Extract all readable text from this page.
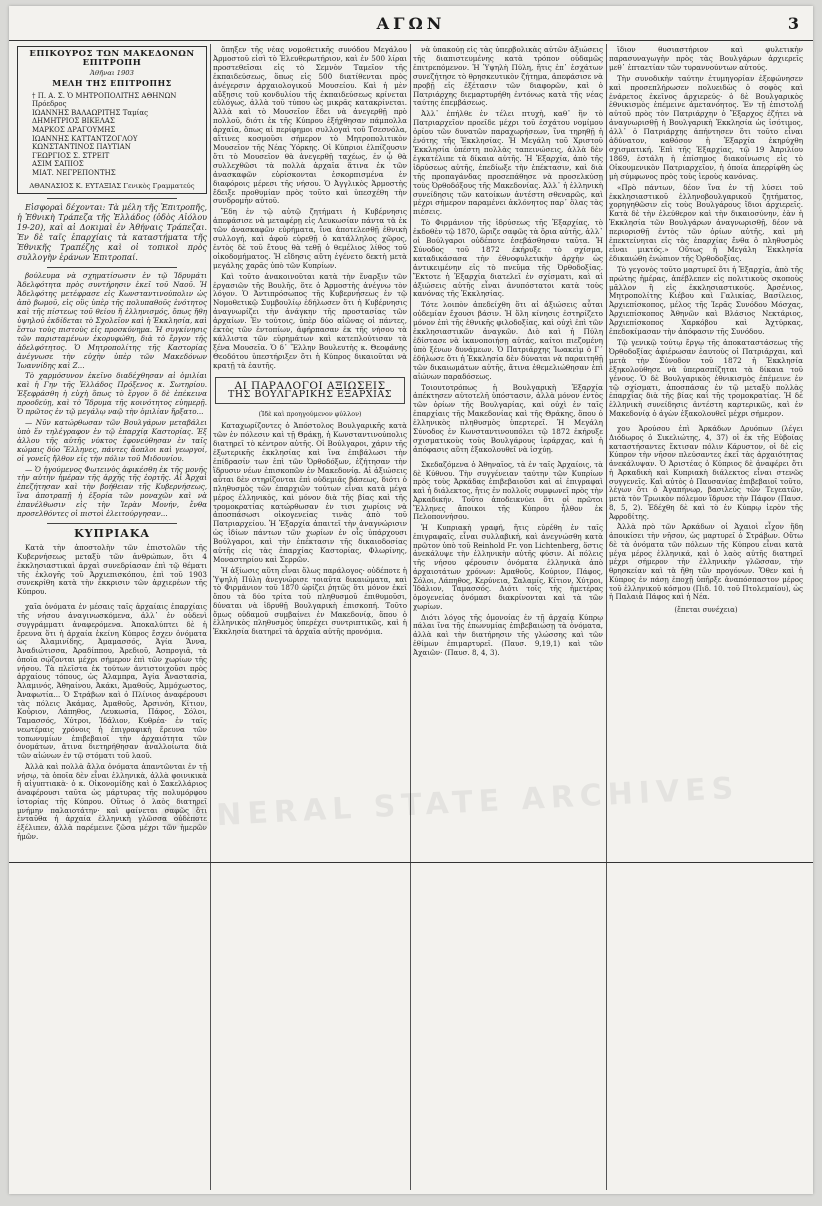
ΑΓΩΝ	3
ΕΠΙΚΟΥΡΟΣ ΤΩΝ ΜΑΚΕΔΟΝΩΝ ΕΠΙΤΡΟΠΗ
Ἀθῆναι 1903
ΜΕΛΗ ΤΗΣ ΕΠΙΤΡΟΠΗΣ
† Π. Α. Σ. Ὁ ΜΗΤΡΟΠΟΛΙΤΗΣ ΑΘΗΝΩΝ Πρόεδρος
ΙΩΑΝΝΗΣ ΒΑΛΑΩΡΙΤΗΣ Ταμίας
ΔΗΜΗΤΡΙΟΣ ΒΙΚΕΛΑΣ
ΜΑΡΚΟΣ ΔΡΑΓΟΥΜΗΣ
ΙΩΑΝΝΗΣ ΚΑΤΤΑΝΤΖΟΓΛΟΥ
ΚΩΝΣΤΑΝΤΙΝΟΣ ΠΑΥΤΙΑΝ
ΓΕΩΡΓΙΟΣ Σ. ΣΤΡΕΙΤ
ΑΣΙΜ ΣΑΠΙΟΣ
ΜΙΑΤ. ΝΕΓΡΕΠΟΝΤΗΣ
ΑΘΑΝΑΣΙΟΣ Κ. ΕΥΤΑΞΙΑΣ Γενικὸς Γραμματεύς

Εἰσφοραὶ δέχονται: Τὰ μέλη τῆς Ἐπιτροπῆς, ἡ Ἐθνικὴ Τράπεζα τῆς Ἑλλάδος (ὁδὸς Αἰόλου 19-20), καὶ αἱ Δοκιμαὶ ἐν Ἀθήναις Τράπεζαι. Ἐν δὲ ταῖς ἐπαρχίαις τὰ καταστήματα τῆς Ἐθνικῆς Τραπέζης καὶ οἱ τοπικοὶ πρὸς συλλογὴν ἐράνων Ἐπιτροπαί.

βούλευμα νὰ σχηματίσωσιν ἐν τῷ Ἰδρυμάτι Ἀδελφότητα πρὸς συντήρησιν ἐκεῖ τοῦ Ναοῦ. Ἡ Ἀδελφότης μετέφρασε εἰς Κωνσταντινούπολιν ὡς ἀπὸ βωμοῦ, εἰς οὓς ὑπὲρ τῆς πολυπαθοῦς ἑνότητος καὶ τῆς πίστεως τοῦ θείου ἤ ἑλληνισμός, ὅπως ἤθη ὑψηλοῦ ἐκδίδεται τὸ Σχολεῖον καὶ ἡ Ἐκκλησία, καὶ ἔστω τοὺς πιστοὺς εἰς προσκύνημα. Ἡ συγκίνησις τῶν παρισταμένων ἐκορυφώθη, διὰ τὸ ἔργον τῆς ἀδελφότητος. Ὁ Μητροπολίτης τῆς Καστορίας ἀνέγνωσε τὴν εὐχὴν ὑπὲρ τῶν Μακεδόνων Ἰωαννίδης καὶ Ζ...

Τὸ χαρμόσυνον ἐκεῖνο διαδέχθησαν αἱ ὁμιλίαι καὶ ἡ Γην τῆς Ἑλλάδος Πρόξενος κ. Σωτηρίου. Ἐξεφράσθη ἡ εὐχὴ ὅπως τὸ ἔργον ὅ δὲ ἐπέκεινα προοδεύῃ, καὶ τὸ Ἴδρυμα τῆς κοινότητος εὐημερῇ. Ὁ πρῶτος ἐν τῷ μεγάλῳ ναῷ τὴν ὁμιλίαν ἤρξατο...

— Νῦν κατώρθωσαν τῶν Βουλγάρων μεταβάλει ὑπὸ ἕν τηλέγραφον ἐν τῷ ἐπαρχίᾳ Καστορίας. Ἐξ ἀλλου τῆς αὐτῆς νύκτος ἐφονεύθησαν ἐν ταῖς κώμαις δύο Ἕλληνες, πάντες ἄοπλοι καὶ γεωργοί, οἱ γονεῖς ἤλθον εἰς τὴν πόλιν τοῦ Μιδουνίου.

— Ὁ ἡγούμενος Φωτεινὸς ἀφικέσθη ἐκ τῆς μονῆς τὴν αὐτὴν ἡμέραν τῆς ἀρχῆς τῆς ἑορτῆς. Αἱ Ἀρχαὶ ἐπεζήτησαν καὶ τὴν βοήθειαν τῆς Κυβερνήσεως, ἵνα ἀποτραπῇ ἡ ἐξορία τῶν μοναχῶν καὶ νὰ ἐπανέλθωσιν εἰς τὴν Ἱερὰν Μονήν, ἔνθα προσελθόντες οἱ πιστοὶ ἐλειτούργησαν...

ΚΥΠΡΙΑΚΑ

Κατὰ τὴν ἀποστολὴν τῶν ἐπιστολῶν τῆς Κυβερνήσεως μεταξὺ τῶν ἀνθρώπων, ὅτι 4 ἐκκλησιαστικαὶ ἀρχαὶ συνεδρίασαν ἐπὶ τῷ θέματι τῆς ἐκλογῆς τοῦ Ἀρχιεπισκόπου, ἐπὶ τοῦ 1903 συνεκρίθη κατὰ τὴν ἐκκρισιν τῶν ἀρχιερέων τῆς Κύπρου.

χαῖα ὀνόματα ἐν μέσαις ταῖς ἀρχαίαις ἐπαρχίαις τῆς νήσου ἀναγινωσκόμενα, ἀλλ᾽ ἐν οὐδενὶ συγγράμματι ἀναφερόμενα. Ἀποκαλύπτει δὲ ἡ ἔρευνα ὅτι ἡ ἀρχαία ἐκείνη Κύπρος ἔσχεν ὀνόματα ὡς Ἀλαμινίδης, Ἀμαμασσός, Ἀγία Ἄννα, Ἀναδιώτισσα, Ἀραδίππου, Ἀρεδιοῦ, Ἀσπρογιᾶ, τὰ ὁποῖα σῴζονται μέχρι σήμερον ἐπὶ τῶν χωρίων τῆς νήσου. Τὰ πλεῖστα ἐκ τούτων ἀντιστοιχοῦσι πρὸς ἀρχαίους τόπους, ὡς Ἀλαμπρα, Ἀγία Ἀναστασία, Ἀλαμινός, Ἀθηαίνου, Ἀκάκι, Ἀμαθοῦς, Ἀμμόχωστος, Ἀναφωτία... Ὁ Στράβων καὶ ὁ Πλίνιος ἀναφέρουσι τὰς πόλεις Ἀκάμας, Ἀμαθοῦς, Ἀρσινόη, Κίτιον, Κούριον, Λάπηθος, Λευκωσία, Πάφος, Σόλοι, Ταμασσός, Χύτροι, Ἰδάλιον, Κυθρέα· ἐν ταῖς νεωτέραις χρόνοις ἡ ἐπιγραφικὴ ἔρευνα τῶν τοπωνυμίων ἐπιβεβαιοῖ τὴν ἀρχαιότητα τῶν ὀνομάτων, ἅτινα διετηρήθησαν ἀναλλοίωτα διὰ τῶν αἰώνων ἐν τῷ στόματι τοῦ λαοῦ.

Ἀλλὰ καὶ πολλὰ ἄλλα ὀνόματα ἀπαντῶνται ἐν τῇ νήσῳ, τὰ ὁποῖα δὲν εἶναι ἑλληνικὰ, ἀλλὰ φοινικικὰ ἢ αἰγυπτιακὰ· ὁ κ. Οἰκονομίδης καὶ ὁ Σακελλάριος ἀναφέρουσι ταῦτα ὡς μάρτυρας τῆς πολυμόρφου ἱστορίας τῆς Κύπρου. Οὕτως ὁ λαὸς διατηρεῖ μνήμην παλαιοτάτην· καὶ φαίνεται σαφῶς ὅτι ἐνταῦθα ἡ ἀρχαία ἑλληνικὴ γλῶσσα οὐδέποτε ἐξέλιπεν, ἀλλὰ παρέμεινε ζῶσα μέχρι τῶν ἡμερῶν ἡμῶν.

ὅπηξεν τῆς νέας νομοθετικῆς συνόδου Μεγάλου Ἀρμοστοῦ εἰσὶ τὸ Ἐλευθερωτήριον, καὶ ἐν 500 λίραι προστεθεῖσαι εἰς τὸ Σεμνὸν Ταμεῖον τῆς ἐκπαιδεύσεως, ὅπως εἰς 500 διατίθενται πρὸς ἀνέγερσιν ἀρχαιολογικοῦ Μουσείου. Καὶ ἡ μὲν αὔξησις τοῦ κονδυλίου τῆς ἐκπαιδεύσεως κρίνεται εὐλόγως, ἀλλὰ τοῦ τύπου ὡς μικρᾶς κατακρίνεται. Ἀλλὰ καὶ τὸ Μουσεῖον ἔδει νὰ ἀνεγερθῇ πρὸ πολλοῦ, διότι ἐκ τῆς Κύπρου ἐξήχθησαν πάμπολλα ἀρχαῖα, ὅπως αἱ περίφημοι συλλογαὶ τοῦ Τσεσνόλα, αἵτινες κοσμοῦσι σήμερον τὸ Μητροπολιτικὸν Μουσεῖον τῆς Νέας Ὑόρκης. Οἱ Κύπριοι ἐλπίζουσιν ὅτι τὸ Μουσεῖον θὰ ἀνεγερθῇ ταχέως, ἐν ᾧ θὰ συλλεχθῶσι τὰ πολλὰ ἀρχαῖα ἅτινα ἐκ τῶν ἀνασκαφῶν εὑρίσκονται ἐσκορπισμένα ἐν διαφόροις μέρεσι τῆς νήσου. Ὁ Ἀγγλικὸς Ἀρμοστὴς ἔδειξε προθυμίαν πρὸς τοῦτο καὶ ὑπεσχέθη τὴν συνδρομὴν αὐτοῦ.

Ἔδη ἐν τῷ αὐτῷ ζητήματι ἡ Κυβέρνησις ἀπεφάσισε νὰ μεταφέρῃ εἰς Λευκωσίαν πάντα τὰ ἐκ τῶν ἀνασκαφῶν εὑρήματα, ἵνα ἀποτελεσθῇ ἐθνικὴ συλλογή, καὶ ἀφοῦ εὑρεθῇ ὁ κατάλληλος χῶρος, ἐντὸς δὲ τοῦ ἔτους θὰ τεθῇ ὁ θεμέλιος λίθος τοῦ οἰκοδομήματος. Ἡ εἴδησις αὕτη ἐγένετο δεκτὴ μετὰ μεγάλης χαρᾶς ὑπὸ τῶν Κυπρίων.

Καὶ τοῦτο ἀνακοινοῦται κατὰ τὴν ἔναρξιν τῶν ἐργασιῶν τῆς Βουλῆς, ὅτε ὁ Ἀρμοστὴς ἀνέγνω τὸν λόγον. Ὁ Ἀντιπρόσωπος τῆς Κυβερνήσεως ἐν τῷ Νομοθετικῷ Συμβουλίῳ ἐδήλωσεν ὅτι ἡ Κυβέρνησις ἀναγνωρίζει τὴν ἀνάγκην τῆς προστασίας τῶν ἀρχαίων. Ἐν τούτοις, ὑπὲρ δύο αἰῶνας οἱ πάντες, ἐκτὸς τῶν ἐντοπίων, ἀφήρπασαν ἐκ τῆς νήσου τὰ κάλλιστα τῶν εὑρημάτων καὶ κατεπλούτισαν τὰ ξένα Μουσεῖα. Ὁ δ᾽ Ἕλλην Βουλευτὴς κ. Θεοφάνης Θεοδότου ὑπεστήριξεν ὅτι ἡ Κύπρος δικαιοῦται νὰ κρατῇ τὰ ἑαυτῆς.

ΑΙ ΠΑΡΑΛΟΓΟΙ ΑΞΙΩΣΕΙΣ
ΤΗΣ ΒΟΥΛΓΑΡΙΚΗΣ ΕΞΑΡΧΙΑΣ
(Ἰδὲ καὶ προηγούμενον φύλλον)

Καταχωρίζοντες ὁ Ἀπόστολος Βουλγαρικῆς κατὰ τῶν ἐν πόλεσιν καὶ τῇ Θράκῃ, ἡ Κωνσταντινούπολις διατηρεῖ τὸ κέντρον αὐτῆς. Οἱ Βούλγαροι, χάριν τῆς ἐξωτερικῆς ἐκκλησίας καὶ ἵνα ἐπιβάλωσι τὴν ἐπίδρασίν των ἐπὶ τῶν Ὀρθοδόξων, ἐζήτησαν τὴν ἵδρυσιν νέων ἐπισκοπῶν ἐν Μακεδονίᾳ. Αἱ ἀξιώσεις αὗται δὲν στηρίζονται ἐπὶ οὐδεμιᾶς βάσεως, διότι ὁ πληθυσμὸς τῶν ἐπαρχιῶν τούτων εἶναι κατὰ μέγα μέρος ἑλληνικὸς, καὶ μόνον διὰ τῆς βίας καὶ τῆς τρομοκρατίας κατώρθωσαν ἐν τισι χωρίοις νὰ ἀποσπάσωσι οἰκογενείας τινὰς ἀπὸ τοῦ Πατριαρχείου. Ἡ Ἐξαρχία ἀπαιτεῖ τὴν ἀναγνώρισιν ὡς ἰδίων πάντων τῶν χωρίων ἐν οἷς ὑπάρχουσι Βούλγαροι, καὶ τὴν ἐπέκτασιν τῆς δικαιοδοσίας αὐτῆς εἰς τὰς ἐπαρχίας Καστορίας, Φλωρίνης, Μοναστηρίου καὶ Σερρῶν.

Ἡ ἀξίωσις αὕτη εἶναι ὅλως παράλογος· οὐδέποτε ἡ Ὑψηλὴ Πύλη ἀνεγνώρισε τοιαῦτα δικαιώματα, καὶ τὸ Φιρμάνιον τοῦ 1870 ὡρίζει ῥητῶς ὅτι μόνον ἐκεῖ ὅπου τὰ δύο τρίτα τοῦ πληθυσμοῦ ἐπιθυμοῦσι, δύναται νὰ ἱδρυθῇ Βουλγαρικὴ ἐπισκοπή. Τοῦτο ὅμως οὐδαμοῦ συμβαίνει ἐν Μακεδονίᾳ, ὅπου ὁ ἑλληνικὸς πληθυσμὸς ὑπερέχει συντριπτικῶς, καὶ ἡ Ἐκκλησία διατηρεῖ τὰ ἀρχαῖα αὐτῆς προνόμια.

νὰ ὑπακούῃ εἰς τὰς ὑπερβολικὰς αὐτῶν ἀξιώσεις τῆς διαπιστευμένης κατὰ τρόπον οὐδαμῶς ἐπιτρεπόμενον. Ἡ Ὑψηλὴ Πύλη, ἥτις ἐπ᾽ ἐσχάτων συνεζήτησε τὸ θρησκευτικὸν ζήτημα, ἀπεφάσισε νὰ προβῇ εἰς ἐξέτασιν τῶν διαφορῶν, καὶ ὁ Πατριάρχης διεμαρτυρήθη ἐντόνως κατὰ τῆς νέας ταύτης ἐπεμβάσεως.

Ἀλλ᾽ ἐπήλθε ἐν τέλει πτυχὴ, καθ᾽ ἣν τὸ Πατριαρχεῖον προεῖδε μέχρι τοῦ ἐσχάτου νομίμου ὁρίου τῶν δυνατῶν παραχωρήσεων, ἵνα τηρηθῇ ἡ ἑνότης τῆς Ἐκκλησίας. Ἡ Μεγάλη τοῦ Χριστοῦ Ἐκκλησία ὑπέστη πολλὰς ταπεινώσεις, ἀλλὰ δὲν ἐγκατέλιπε τὰ δίκαια αὐτῆς. Ἡ Ἐξαρχία, ἀπὸ τῆς ἱδρύσεως αὐτῆς, ἐπεδίωξε τὴν ἐπέκτασιν, καὶ διὰ τῆς προπαγάνδας προσεπάθησε νὰ προσελκύσῃ τοὺς Ὀρθοδόξους τῆς Μακεδονίας. Ἀλλ᾽ ἡ ἑλληνικὴ συνείδησις τῶν κατοίκων ἀντέστη σθεναρῶς, καὶ μέχρι σήμερον παραμένει ἀκλόνητος παρ᾽ ὅλας τὰς πιέσεις.

Τὸ Φιρμάνιον τῆς ἱδρύσεως τῆς Ἐξαρχίας, τὸ ἐκδοθὲν τῷ 1870, ὥριζε σαφῶς τὰ ὅρια αὐτῆς, ἀλλ᾽ οἱ Βούλγαροι οὐδέποτε ἐσεβάσθησαν ταῦτα. Ἡ Σύνοδος τοῦ 1872 ἐκήρυξε τὸ σχίσμα, καταδικάσασα τὴν ἐθνοφυλετικὴν ἀρχὴν ὡς ἀντικειμένην εἰς τὸ πνεῦμα τῆς Ὀρθοδοξίας. Ἔκτοτε ἡ Ἐξαρχία διατελεῖ ἐν σχίσματι, καὶ αἱ ἀξιώσεις αὐτῆς εἶναι ἀνυπόστατοι κατὰ τοὺς κανόνας τῆς Ἐκκλησίας.

Τότε λοιπὸν ἀπεδείχθη ὅτι αἱ ἀξιώσεις αὗται οὐδεμίαν ἔχουσι βάσιν. Ἡ ὅλη κίνησις ἐστηρίζετο μόνον ἐπὶ τῆς ἐθνικῆς φιλοδοξίας, καὶ οὐχὶ ἐπὶ τῶν ἐκκλησιαστικῶν ἀναγκῶν. Διὸ καὶ ἡ Πύλη ἐδίστασε νὰ ἱκανοποιήσῃ αὐτάς, καίτοι πιεζομένη ὑπὸ ξένων δυνάμεων. Ὁ Πατριάρχης Ἰωακεὶμ ὁ Γ΄ ἐδήλωσε ὅτι ἡ Ἐκκλησία δὲν δύναται νὰ παραιτηθῇ τῶν δικαιωμάτων αὐτῆς, ἅτινα ἐθεμελιώθησαν ἐπὶ αἰώνων παραδόσεως.

Τοιουτοτρόπως ἡ Βουλγαρικὴ Ἐξαρχία ἀπέκτησεν αὐτοτελῆ ὑπόστασιν, ἀλλὰ μόνον ἐντὸς τῶν ὁρίων τῆς Βουλγαρίας, καὶ οὐχὶ ἐν ταῖς ἐπαρχίαις τῆς Μακεδονίας καὶ τῆς Θράκης, ὅπου ὁ ἑλληνικὸς πληθυσμὸς ὑπερτερεῖ. Ἡ Μεγάλη Σύνοδος ἐν Κωνσταντινουπόλει τῷ 1872 ἐκήρυξε σχισματικοὺς τοὺς Βουλγάρους ἱεράρχας, καὶ ἡ ἀπόφασις αὕτη ἐξακολουθεῖ νὰ ἰσχύῃ.

Σκεδαζόμενα ὁ Ἀθηναῖος, τὰ ἐν ταῖς Ἀρχαίοις, τὰ δὲ Κύθνου. Τὴν συγγένειαν ταύτην τῶν Κυπρίων πρὸς τοὺς Ἀρκάδας ἐπιβεβαιοῦσι καὶ αἱ ἐπιγραφαὶ καὶ ἡ διάλεκτος, ἥτις ἐν πολλοῖς συμφωνεῖ πρὸς τὴν Ἀρκαδικήν. Τοῦτο ἀποδεικνύει ὅτι οἱ πρῶτοι Ἕλληνες ἄποικοι τῆς Κύπρου ἦλθον ἐκ Πελοποννήσου.

Ἡ Κυπριακὴ γραφή, ἥτις εὑρέθη ἐν ταῖς ἐπιγραφαῖς, εἶναι συλλαβική, καὶ ἀνεγνώσθη κατὰ πρῶτον ὑπὸ τοῦ Reinhold Fr. von Lichtenberg, ὅστις ἀνεκάλυψε τὴν ἑλληνικὴν αὐτῆς φύσιν. Αἱ πόλεις τῆς νήσου φέρουσιν ὀνόματα ἑλληνικὰ ἀπὸ ἀρχαιοτάτων χρόνων: Ἀμαθοῦς, Κούριον, Πάφος, Σόλοι, Λάπηθος, Κερύνεια, Σαλαμίς, Κίτιον, Χύτροι, Ἰδάλιον, Ταμασσός. Διότι τοῖς τῆς ἡμετέρας ὁμογενείας ὀνόμασι διακρίνονται καὶ τὰ τῶν χωρίων.

Διότι λόγος τῆς ὁμονοίας ἐν τῇ ἀρχαίᾳ Κύπρῳ πάλαι ἵνα τῆς ἐπωνυμίας ἐπιβεβαιώσῃ τὰ ὀνόματα, ἀλλὰ καὶ τὴν διατήρησιν τῆς γλώσσης καὶ τῶν ἐθίμων ἐπιμαρτυρεῖ. (Παυσ. 9,19,1) καὶ τῶν Ἀχαιῶν· (Παυσ. 8, 4, 3).

ἴδιον θυσιαστήριον καὶ φυλετικὴν παρασυναγωγὴν πρὸς τὰς Βουλγάρων ἀρχιερεῖς μεθ᾽ ἑπταετίαν τῶν τυραννούντων αὐτούς.

Τὴν συνοδικὴν ταύτην ἐτυμηγορίαν ἐξεφώνησεν καὶ προσεπλήρωσεν πολυειδὼς ὁ σοφὸς καὶ ἐνάρετος ἐκεῖνος ἀρχιερεύς· ὁ δὲ Βουλγαρικὸς ἐθνικισμὸς ἐπέμεινε ἀμετανόητος. Ἐν τῇ ἐπιστολῇ αὐτοῦ πρὸς τὸν Πατριάρχην ὁ Ἔξαρχος ἐζήτει νὰ ἀναγνωρισθῇ ἡ Βουλγαρικὴ Ἐκκλησία ὡς ἰσότιμος, ἀλλ᾽ ὁ Πατριάρχης ἀπήντησεν ὅτι τοῦτο εἶναι ἀδύνατον, καθόσον ἡ Ἐξαρχία ἐκηρύχθη σχισματική. Ἐπὶ τῆς Ἐξαρχίας, τῷ 19 Ἀπριλίου 1869, ἐστάλη ἡ ἐπίσημος διακοίνωσις εἰς τὸ Οἰκουμενικὸν Πατριαρχεῖον, ἡ ὁποία ἀπερρίφθη ὡς μὴ σύμφωνος πρὸς τοὺς ἱεροὺς κανόνας.

«Πρὸ πάντων, δέον ἵνα ἐν τῇ λύσει τοῦ ἐκκλησιαστικοῦ ἑλληνοβουλγαρικοῦ ζητήματος, χορηγηθῶσιν εἰς τοὺς Βουλγάρους ἴδιοι ἀρχιερεῖς. Κατὰ δὲ τὴν ἐλεύθερον καὶ τὴν δικαιοσύνην, ἐὰν ἡ Ἐκκλησία τῶν Βουλγάρων ἀναγνωρισθῇ, δέον νὰ περιορισθῇ ἐντὸς τῶν ὁρίων αὐτῆς, καὶ μὴ ἐπεκτείνηται εἰς τὰς ἐπαρχίας ἔνθα ὁ πληθυσμὸς εἶναι μικτός.» Οὕτως ἡ Μεγάλη Ἐκκλησία ἐδικαιώθη ἐνώπιον τῆς Ὀρθοδοξίας.

Τὸ γεγονὸς τοῦτο μαρτυρεῖ ὅτι ἡ Ἐξαρχία, ἀπὸ τῆς πρώτης ἡμέρας, ἀπέβλεπεν εἰς πολιτικοὺς σκοποὺς μᾶλλον ἢ εἰς ἐκκλησιαστικούς. Ἀρσένιος, Μητροπολίτης Κιέβου καὶ Γαλικίας, Βασίλειος, Ἀρχιεπίσκοπος, μέλος τῆς Ἱερᾶς Συνόδου Μόσχας, Ἀρχιεπίσκοπος Ἀθηνῶν καὶ Βλάσιος Νεκτάριος, Ἀρχιεπίσκοπος Χαρκόβου καὶ Ἀχτύρκας, ἐπεδοκίμασαν τὴν ἀπόφασιν τῆς Συνόδου.

Τῷ γενικῷ τούτῳ ἔργῳ τῆς ἀποκαταστάσεως τῆς Ὀρθοδοξίας ἀφιέρωσαν ἑαυτοὺς οἱ Πατριάρχαι, καὶ μετὰ τὴν Σύνοδον τοῦ 1872 ἡ Ἐκκλησία ἐξηκολούθησε νὰ ὑπερασπίζηται τὰ δίκαια τοῦ γένους. Ὁ δὲ Βουλγαρικὸς ἐθνικισμὸς ἐπέμεινε ἐν τῷ σχίσματι, ἀποσπάσας ἐν τῷ μεταξὺ πολλὰς ἐπαρχίας διὰ τῆς βίας καὶ τῆς τρομοκρατίας. Ἡ δὲ ἑλληνικὴ συνείδησις ἀντέστη καρτερικῶς, καὶ ἐν Μακεδονίᾳ ὁ ἀγὼν ἐξακολουθεῖ μέχρι σήμερον.

χου Ἀρούσου ἐπὶ Ἀρκάδων Δρυόπων (λέγει Διόδωρος ὁ Σικελιώτης, 4, 37) οἱ ἐκ τῆς Εὐβοίας καταστήσαντες ἔκτισαν πόλιν Κάρυστον, οἱ δὲ εἰς Κύπρον τὴν νῆσον πλεύσαντες ἐκεῖ τὰς ἀρχαιότητας ἀνεκάλυψαν. Ὁ Ἀριστέας ὁ Κύπριος δὲ ἀναφέρει ὅτι ἡ Ἀρκαδικὴ καὶ Κυπριακὴ διάλεκτος εἶναι στενῶς συγγενεῖς. Καὶ αὐτὸς ὁ Παυσανίας ἐπιβεβαιοῖ τοῦτο, λέγων ὅτι ὁ Ἀγαπήνωρ, βασιλεὺς τῶν Τεγεατῶν, μετὰ τὸν Τρωικὸν πόλεμον ἵδρυσε τὴν Πάφον (Παυσ. 8, 5, 2). Ἐδέχθη δὲ καὶ τὸ ἐν Κύπρῳ ἱερὸν τῆς Ἀφροδίτης.

Ἀλλὰ πρὸ τῶν Ἀρκάδων οἱ Ἀχαιοὶ εἶχον ἤδη ἀποικίσει τὴν νῆσον, ὡς μαρτυρεῖ ὁ Στράβων. Οὕτω δὲ τὰ ὀνόματα τῶν πόλεων τῆς Κύπρου εἶναι κατὰ μέγα μέρος ἑλληνικά, καὶ ὁ λαὸς αὐτῆς διατηρεῖ μέχρι σήμερον τὴν ἑλληνικὴν γλῶσσαν, τὴν θρησκείαν καὶ τὰ ἤθη τῶν προγόνων. Ὅθεν καὶ ἡ Κύπρος ἐν πάσῃ ἐποχῇ ὑπῆρξε ἀναπόσπαστον μέρος τοῦ ἑλληνικοῦ κόσμου (Πιδ. 10. τοῦ Πτολεμαίου), ὡς ἡ Παλαιὰ Πάφος καὶ ἡ Νέα.

(ἕπεται συνέχεια)
GENERAL STATE ARCHIVES
